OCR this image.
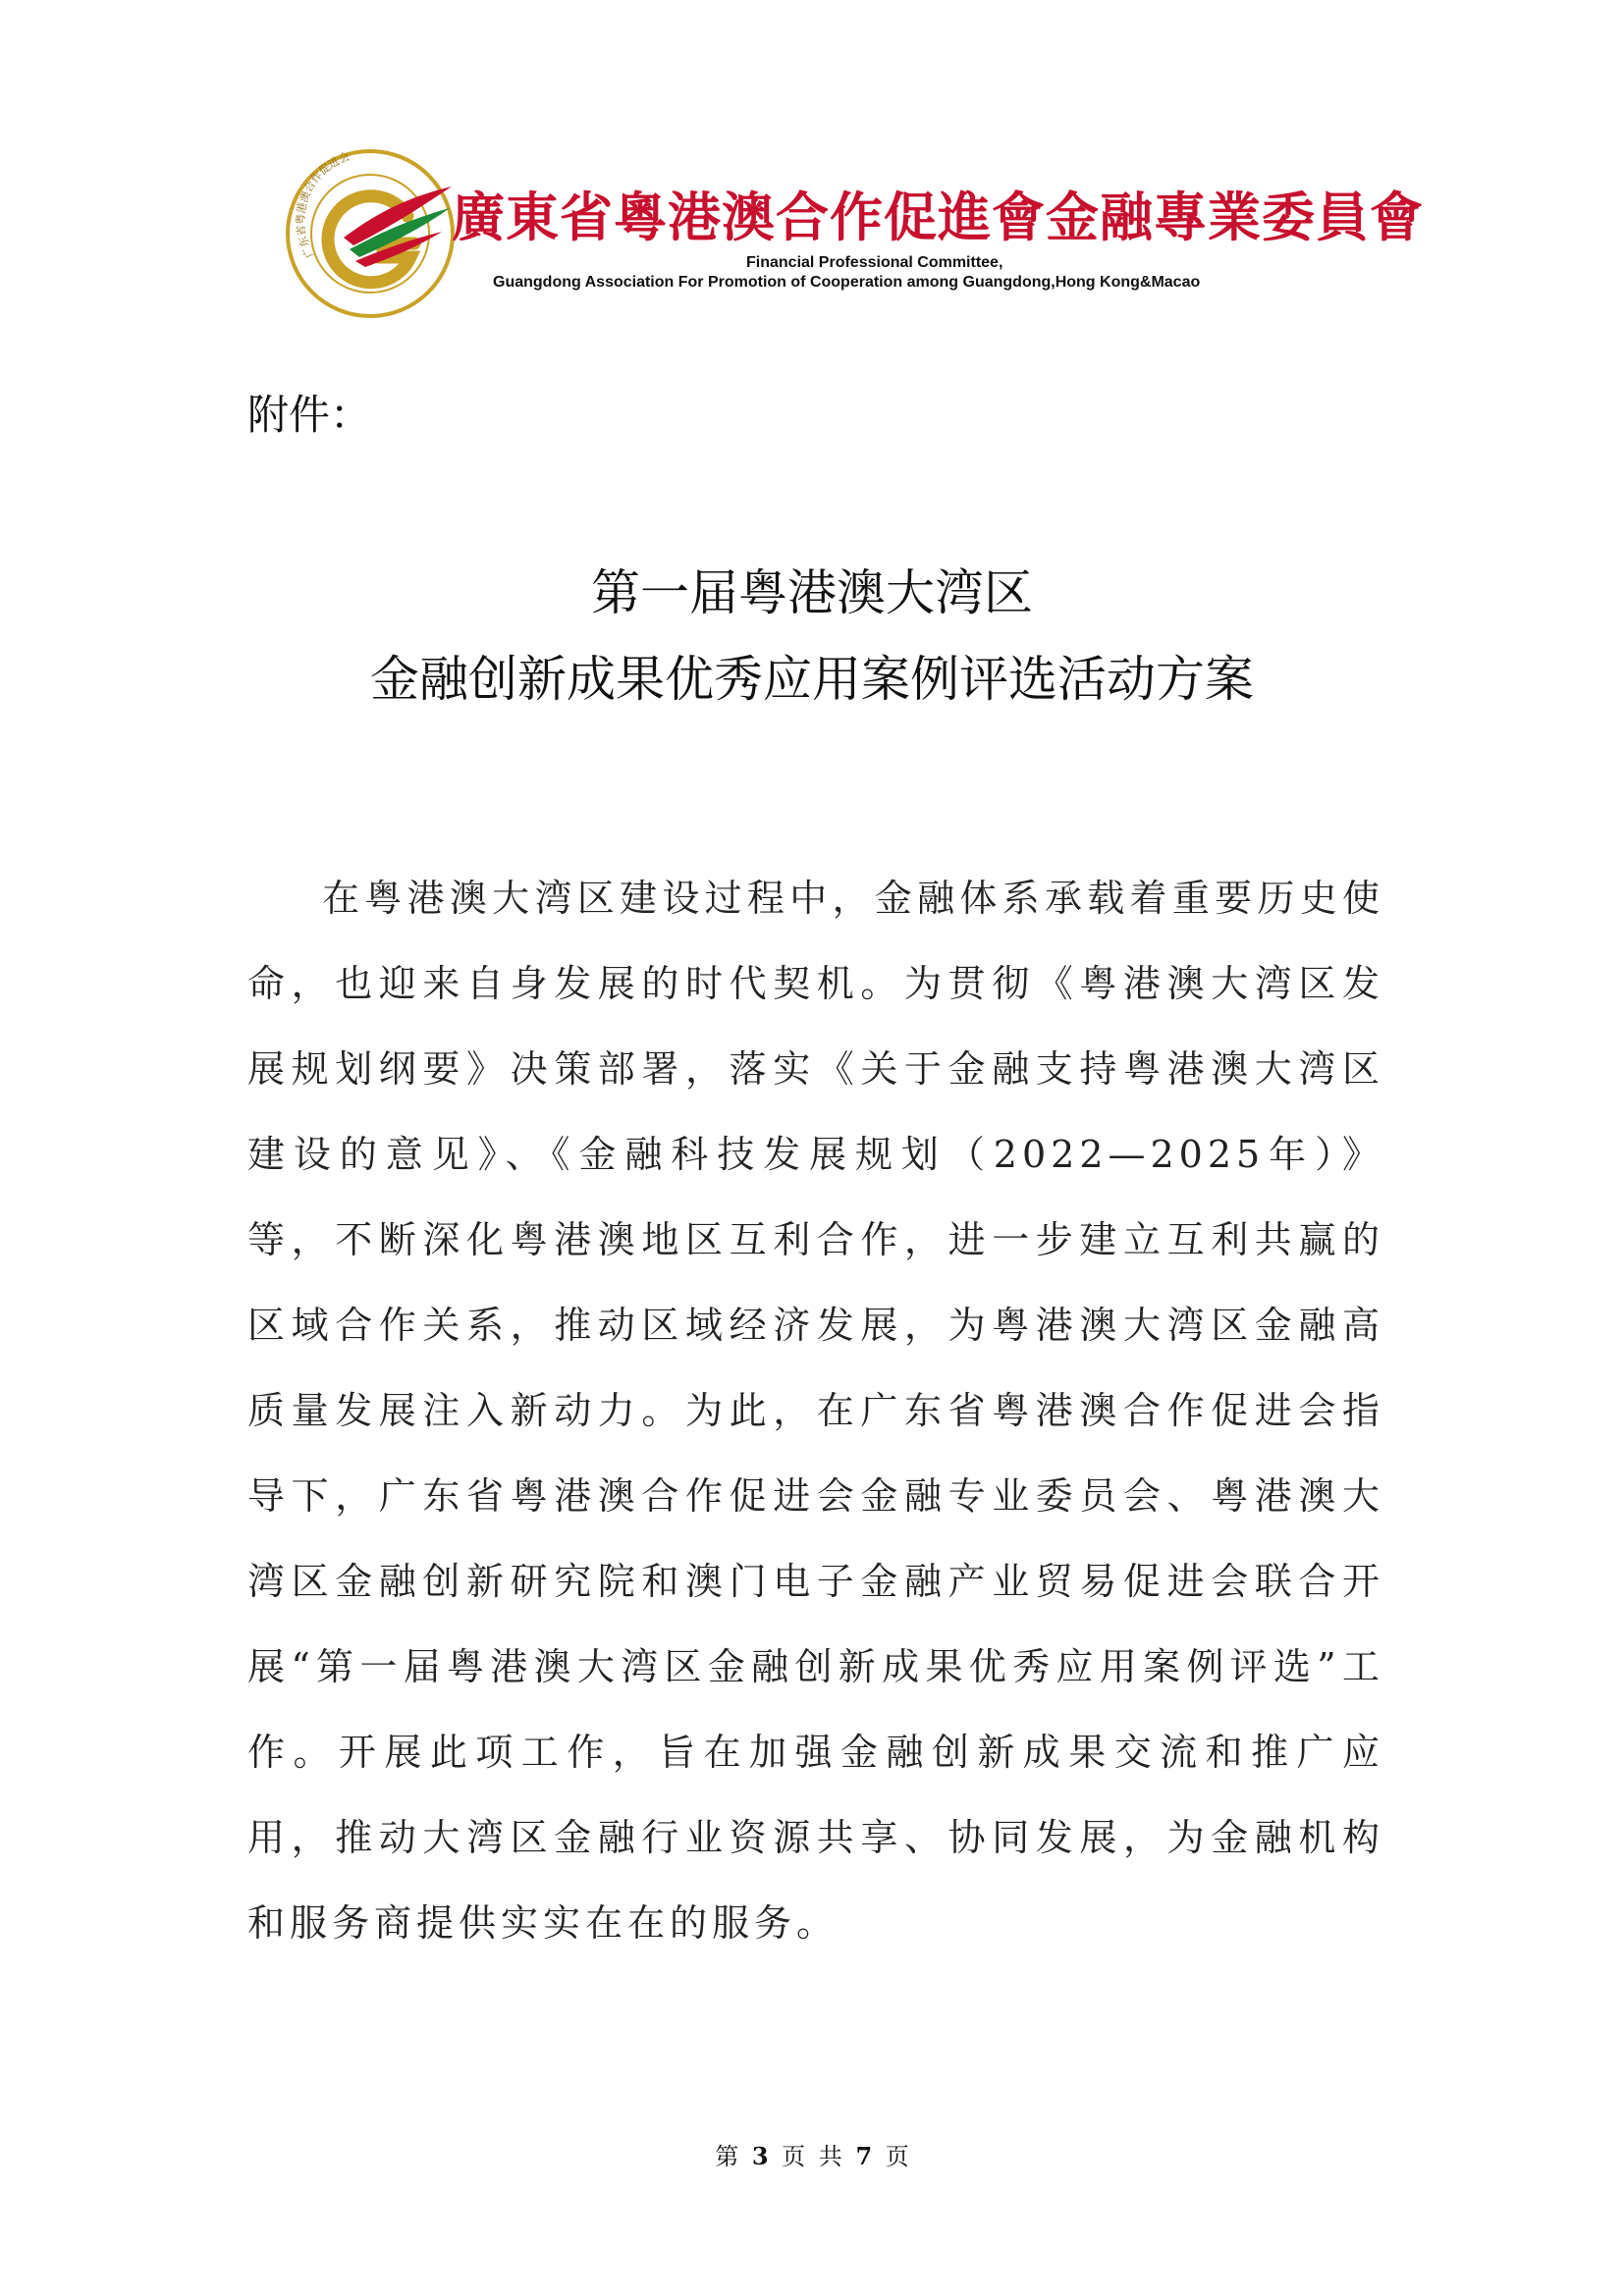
广东省粤港澳合作促进会
廣東省粵港澳合作促進會金融專業委員會
Financial Professional Committee,
Guangdong Association For Promotion of Cooperation among Guangdong,Hong Kong&Macao
附件：
第一届粤港澳大湾区
金融创新成果优秀应用案例评选活动方案

在粤港澳大湾区建设过程中，金融体系承载着重要历史使命，也迎来自身发展的时代契机。为贯彻《粤港澳大湾区发展规划纲要》决策部署，落实《关于金融支持粤港澳大湾区建设的意见》、《金融科技发展规划（2022—2025年）》等，不断深化粤港澳地区互利合作，进一步建立互利共赢的区域合作关系，推动区域经济发展，为粤港澳大湾区金融高质量发展注入新动力。为此，在广东省粤港澳合作促进会指导下，广东省粤港澳合作促进会金融专业委员会、粤港澳大湾区金融创新研究院和澳门电子金融产业贸易促进会联合开展“第一届粤港澳大湾区金融创新成果优秀应用案例评选”工作。开展此项工作，旨在加强金融创新成果交流和推广应用，推动大湾区金融行业资源共享、协同发展，为金融机构和服务商提供实实在在的服务。

第 3 页 共 7 页
